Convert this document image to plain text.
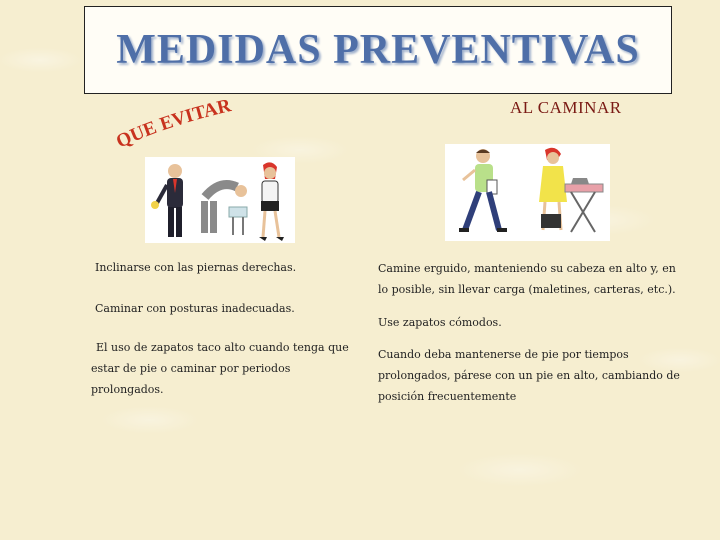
MEDIDAS PREVENTIVAS
QUE EVITAR	AL CAMINAR
Inclinarse con las piernas derechas.
Caminar con posturas inadecuadas.
El uso de zapatos taco alto cuando tenga que estar de pie o caminar por periodos prolongados.
Camine erguido, manteniendo su cabeza en alto y, en lo posible, sin llevar carga (maletines, carteras, etc.).
Use zapatos cómodos.
Cuando deba mantenerse de pie por tiempos prolongados, párese con un pie en alto, cambiando de posición frecuentemente
